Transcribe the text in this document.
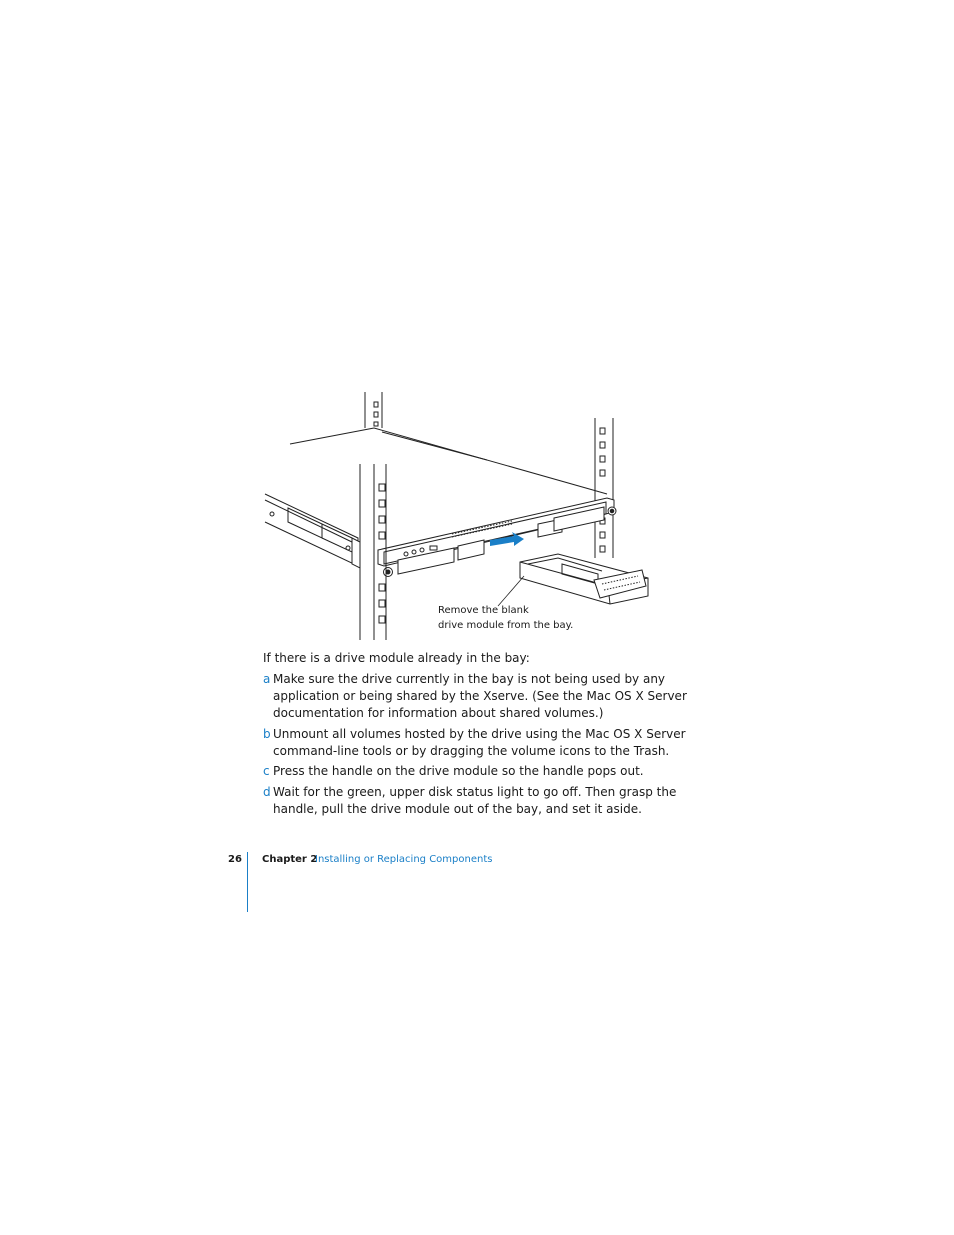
Remove the blank
drive module from the bay.
If there is a drive module already in the bay:
a Make sure the drive currently in the bay is not being used by any application or being shared by the Xserve. (See the Mac OS X Server documentation for information about shared volumes.)
b Unmount all volumes hosted by the drive using the Mac OS X Server command-line tools or by dragging the volume icons to the Trash.
c Press the handle on the drive module so the handle pops out.
d Wait for the green, upper disk status light to go off. Then grasp the handle, pull the drive module out of the bay, and set it aside.
26 Chapter 2
Installing or Replacing Components
